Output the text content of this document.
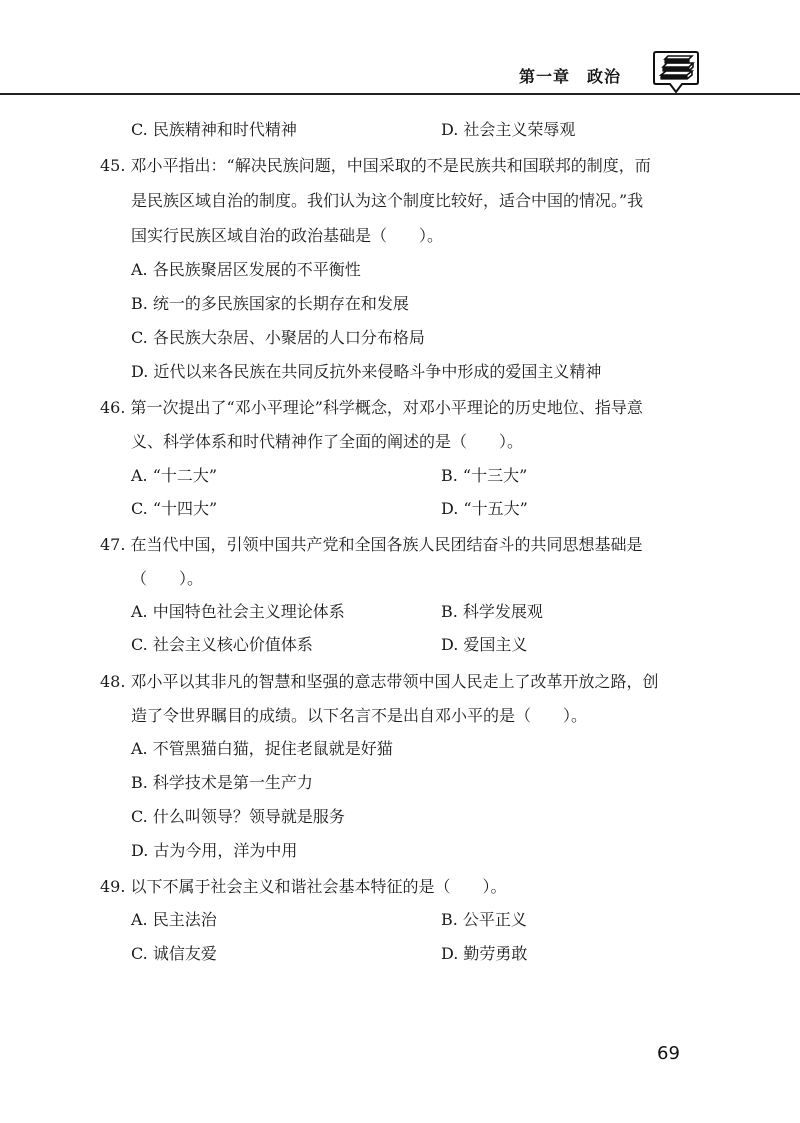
第一章　政治
C. 民族精神和时代精神	D. 社会主义荣辱观
45. 邓小平指出：“解决民族问题，中国采取的不是民族共和国联邦的制度，而
是民族区域自治的制度。我们认为这个制度比较好，适合中国的情况。”我
国实行民族区域自治的政治基础是（　　）。
A. 各民族聚居区发展的不平衡性
B. 统一的多民族国家的长期存在和发展
C. 各民族大杂居、小聚居的人口分布格局
D. 近代以来各民族在共同反抗外来侵略斗争中形成的爱国主义精神
46. 第一次提出了“邓小平理论”科学概念，对邓小平理论的历史地位、指导意
义、科学体系和时代精神作了全面的阐述的是（　　）。
A. “十二大”	B. “十三大”
C. “十四大”	D. “十五大”
47. 在当代中国，引领中国共产党和全国各族人民团结奋斗的共同思想基础是
（　　）。
A. 中国特色社会主义理论体系	B. 科学发展观
C. 社会主义核心价值体系	D. 爱国主义
48. 邓小平以其非凡的智慧和坚强的意志带领中国人民走上了改革开放之路，创
造了令世界瞩目的成绩。以下名言不是出自邓小平的是（　　）。
A. 不管黑猫白猫，捉住老鼠就是好猫
B. 科学技术是第一生产力
C. 什么叫领导？领导就是服务
D. 古为今用，洋为中用
49. 以下不属于社会主义和谐社会基本特征的是（　　）。
A. 民主法治	B. 公平正义
C. 诚信友爱	D. 勤劳勇敢
69
